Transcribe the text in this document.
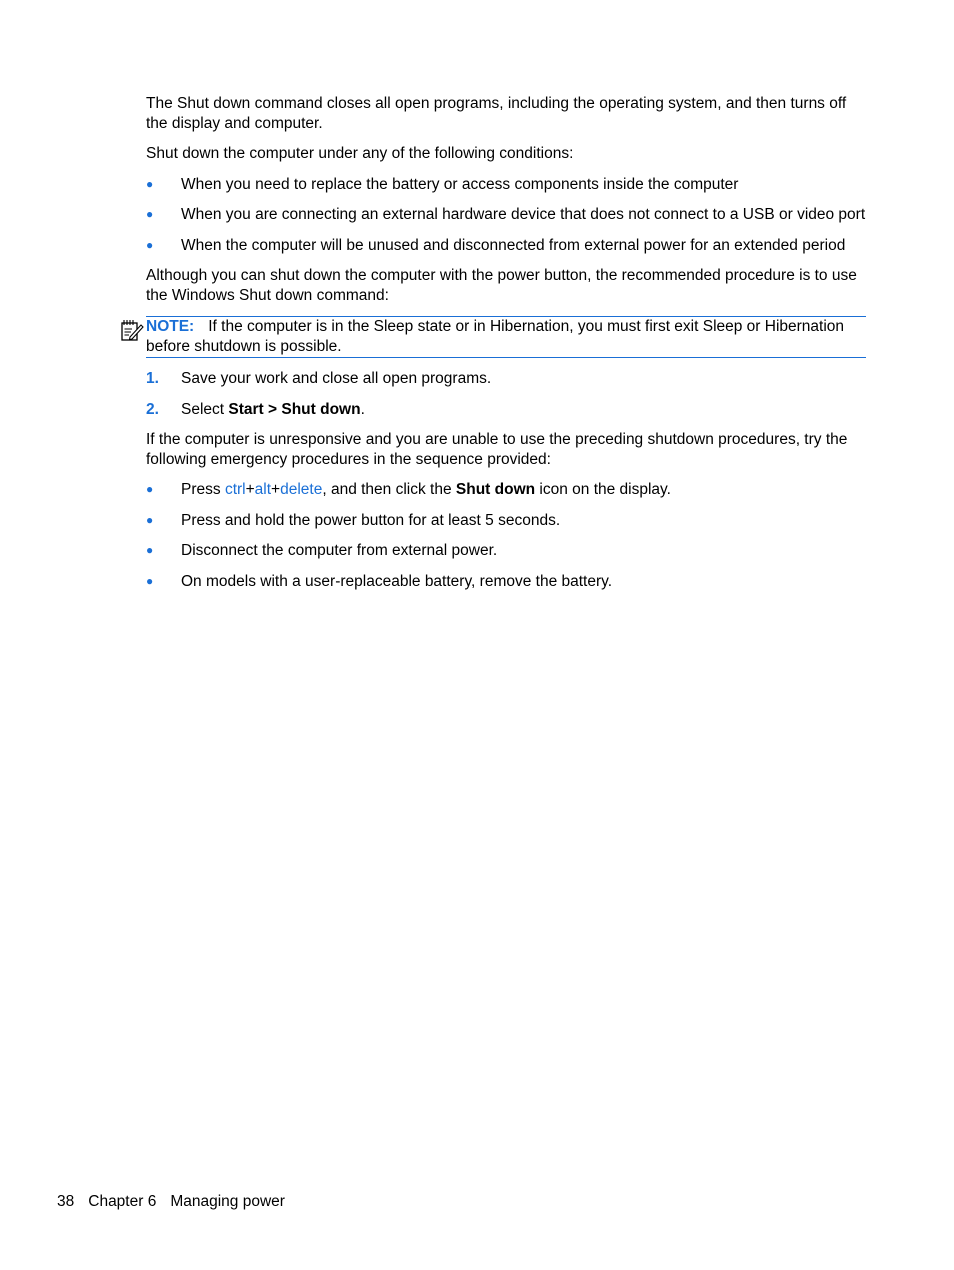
The Shut down command closes all open programs, including the operating system, and then turns off the display and computer.

Shut down the computer under any of the following conditions:

● When you need to replace the battery or access components inside the computer
● When you are connecting an external hardware device that does not connect to a USB or video port
● When the computer will be unused and disconnected from external power for an extended period

Although you can shut down the computer with the power button, the recommended procedure is to use the Windows Shut down command:

NOTE: If the computer is in the Sleep state or in Hibernation, you must first exit Sleep or Hibernation before shutdown is possible.
1. Save your work and close all open programs.
2. Select Start > Shut down.

If the computer is unresponsive and you are unable to use the preceding shutdown procedures, try the following emergency procedures in the sequence provided:

● Press ctrl+alt+delete, and then click the Shut down icon on the display.
● Press and hold the power button for at least 5 seconds.
● Disconnect the computer from external power.
● On models with a user-replaceable battery, remove the battery.
38 Chapter 6 Managing power
